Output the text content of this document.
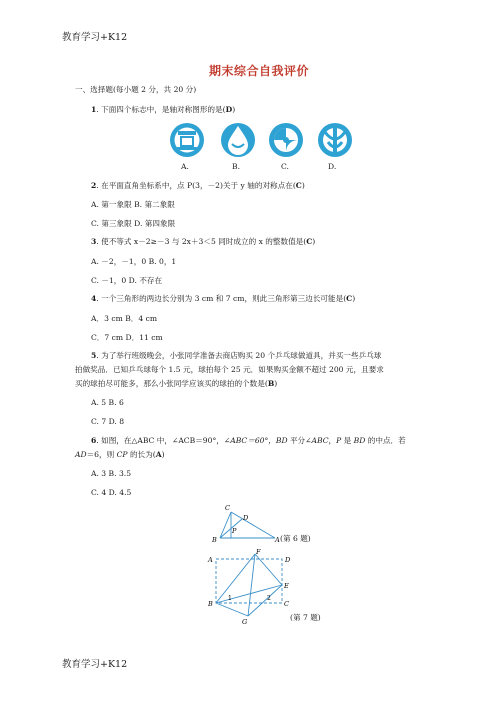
教育学习+K12
期末综合自我评价
一、选择题(每小题 2 分，共 20 分)
1. 下面四个标志中，是轴对称图形的是(D)
A.	B.	C.	D.
2. 在平面直角坐标系中，点 P(3，－2)关于 y 轴的对称点在(C)
A. 第一象限 B. 第二象限
C. 第三象限 D. 第四象限
3. 使不等式 x－2≥－3 与 2x＋3＜5 同时成立的 x 的整数值是(C)
A. －2，－1，0 B. 0，1
C. －1，0 D. 不存在
4. 一个三角形的两边长分别为 3 cm 和 7 cm，则此三角形第三边长可能是(C)
A．3 cm B．4 cm
C．7 cm D．11 cm
5. 为了举行班级晚会，小张同学准备去商店购买 20 个乒乓球做道具，并买一些乒乓球
拍做奖品．已知乒乓球每个 1.5 元，球拍每个 25 元．如果购买金额不超过 200 元，且要求
买的球拍尽可能多，那么小张同学应该买的球拍的个数是(B)
A. 5 B. 6
C. 7 D. 8
6. 如图，在△ABC 中，∠ACB＝90°，∠ABC＝60°，BD 平分∠ABC，P 是 BD 的中点．若
AD＝6，则 CP 的长为(A)
A. 3 B. 3.5
C. 4 D. 4.5
C
D
P
B	A (第 6 题)
A
F
D
E
B	C
G
1	2
(第 7 题)
教育学习+K12
